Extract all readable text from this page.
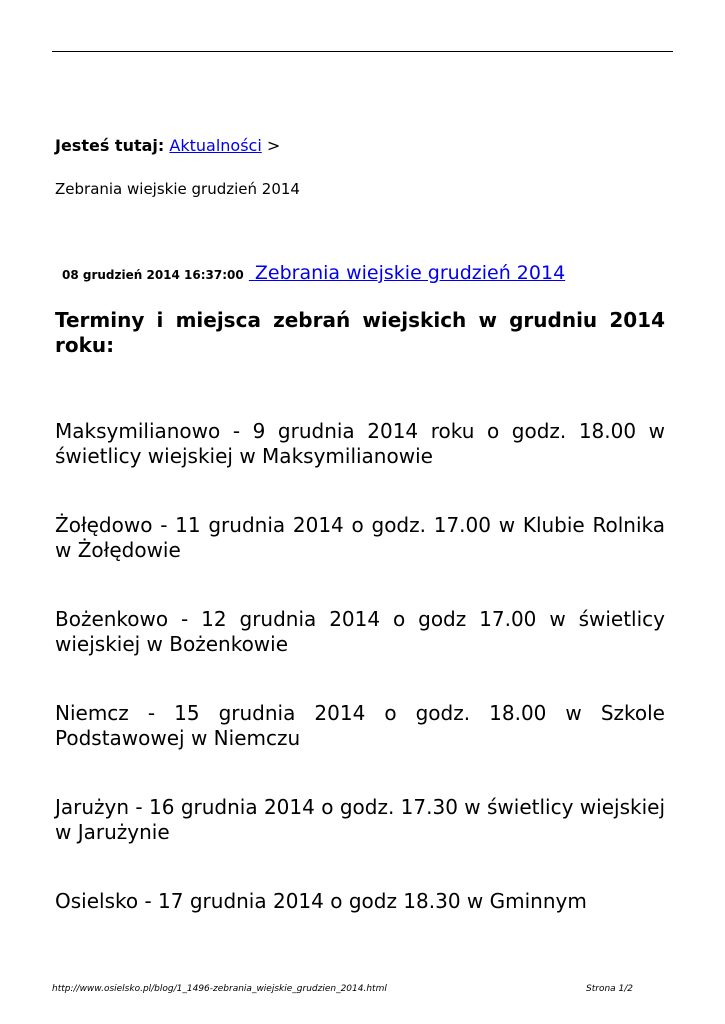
Jesteś tutaj: Aktualności >
Zebrania wiejskie grudzień 2014
08 grudzień 2014 16:37:00 Zebrania wiejskie grudzień 2014
Terminy i miejsca zebrań wiejskich w grudniu 2014 roku:

Maksymilianowo - 9 grudnia 2014 roku o godz. 18.00 w świetlicy wiejskiej w Maksymilianowie

Żołędowo - 11 grudnia 2014 o godz. 17.00 w Klubie Rolnika w Żołędowie

Bożenkowo - 12 grudnia 2014 o godz 17.00 w świetlicy wiejskiej w Bożenkowie

Niemcz - 15 grudnia 2014 o godz. 18.00 w Szkole Podstawowej w Niemczu

Jarużyn - 16 grudnia 2014 o godz. 17.30 w świetlicy wiejskiej w Jarużynie

Osielsko - 17 grudnia 2014 o godz 18.30 w Gminnym

http://www.osielsko.pl/blog/1_1496-zebrania_wiejskie_grudzien_2014.html	Strona 1/2
